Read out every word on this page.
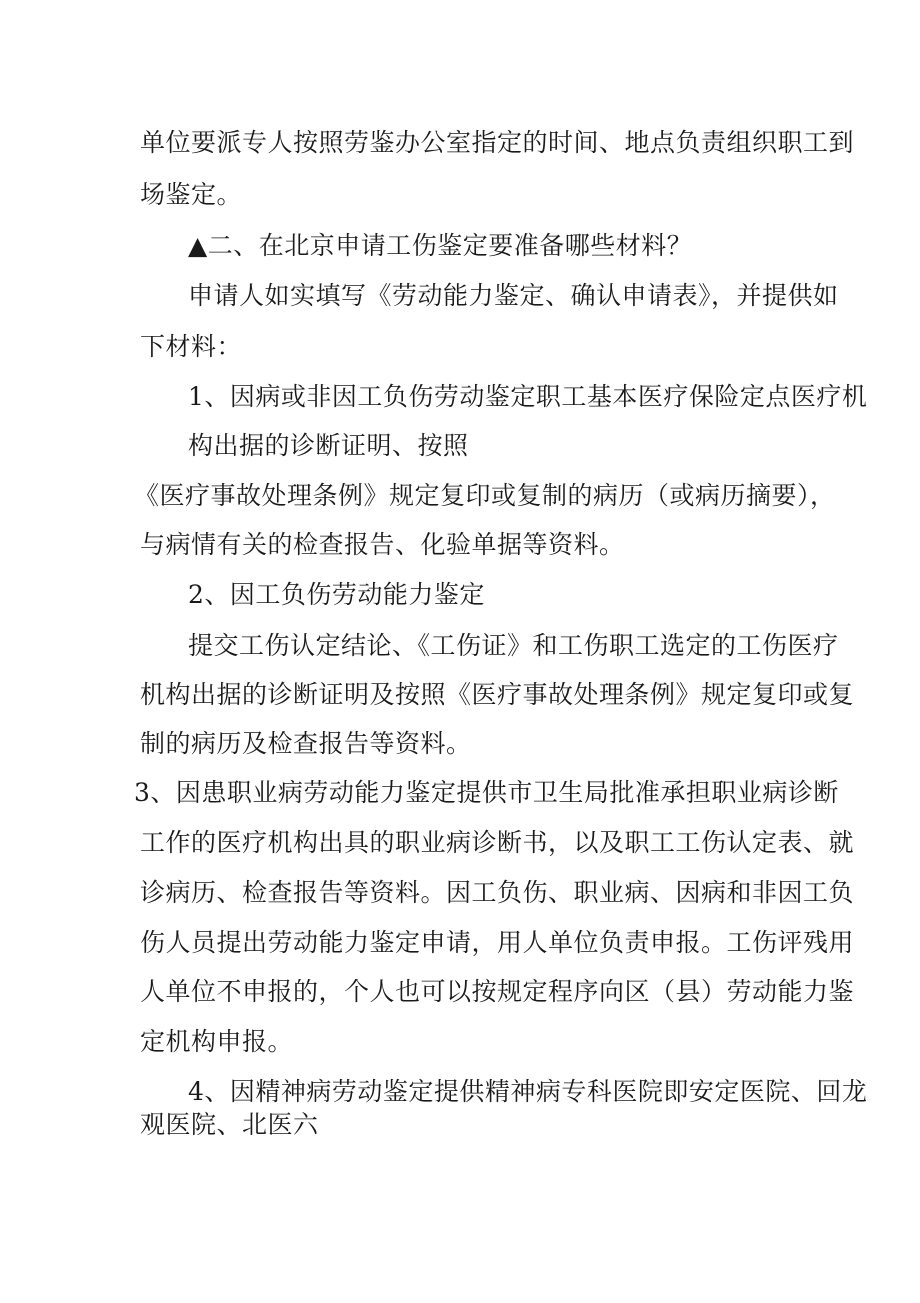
单位要派专人按照劳鉴办公室指定的时间、地点负责组织职工到
场鉴定。
▲二、在北京申请工伤鉴定要准备哪些材料？
申请人如实填写《劳动能力鉴定、确认申请表》，并提供如
下材料：
1、因病或非因工负伤劳动鉴定职工基本医疗保险定点医疗机
构出据的诊断证明、按照
《医疗事故处理条例》规定复印或复制的病历（或病历摘要），
与病情有关的检查报告、化验单据等资料。
2、因工负伤劳动能力鉴定
提交工伤认定结论、《工伤证》和工伤职工选定的工伤医疗
机构出据的诊断证明及按照《医疗事故处理条例》规定复印或复
制的病历及检查报告等资料。
3、因患职业病劳动能力鉴定提供市卫生局批准承担职业病诊断
工作的医疗机构出具的职业病诊断书，以及职工工伤认定表、就
诊病历、检查报告等资料。因工负伤、职业病、因病和非因工负
伤人员提出劳动能力鉴定申请，用人单位负责申报。工伤评残用
人单位不申报的，个人也可以按规定程序向区（县）劳动能力鉴
定机构申报。
4、因精神病劳动鉴定提供精神病专科医院即安定医院、回龙
观医院、北医六
